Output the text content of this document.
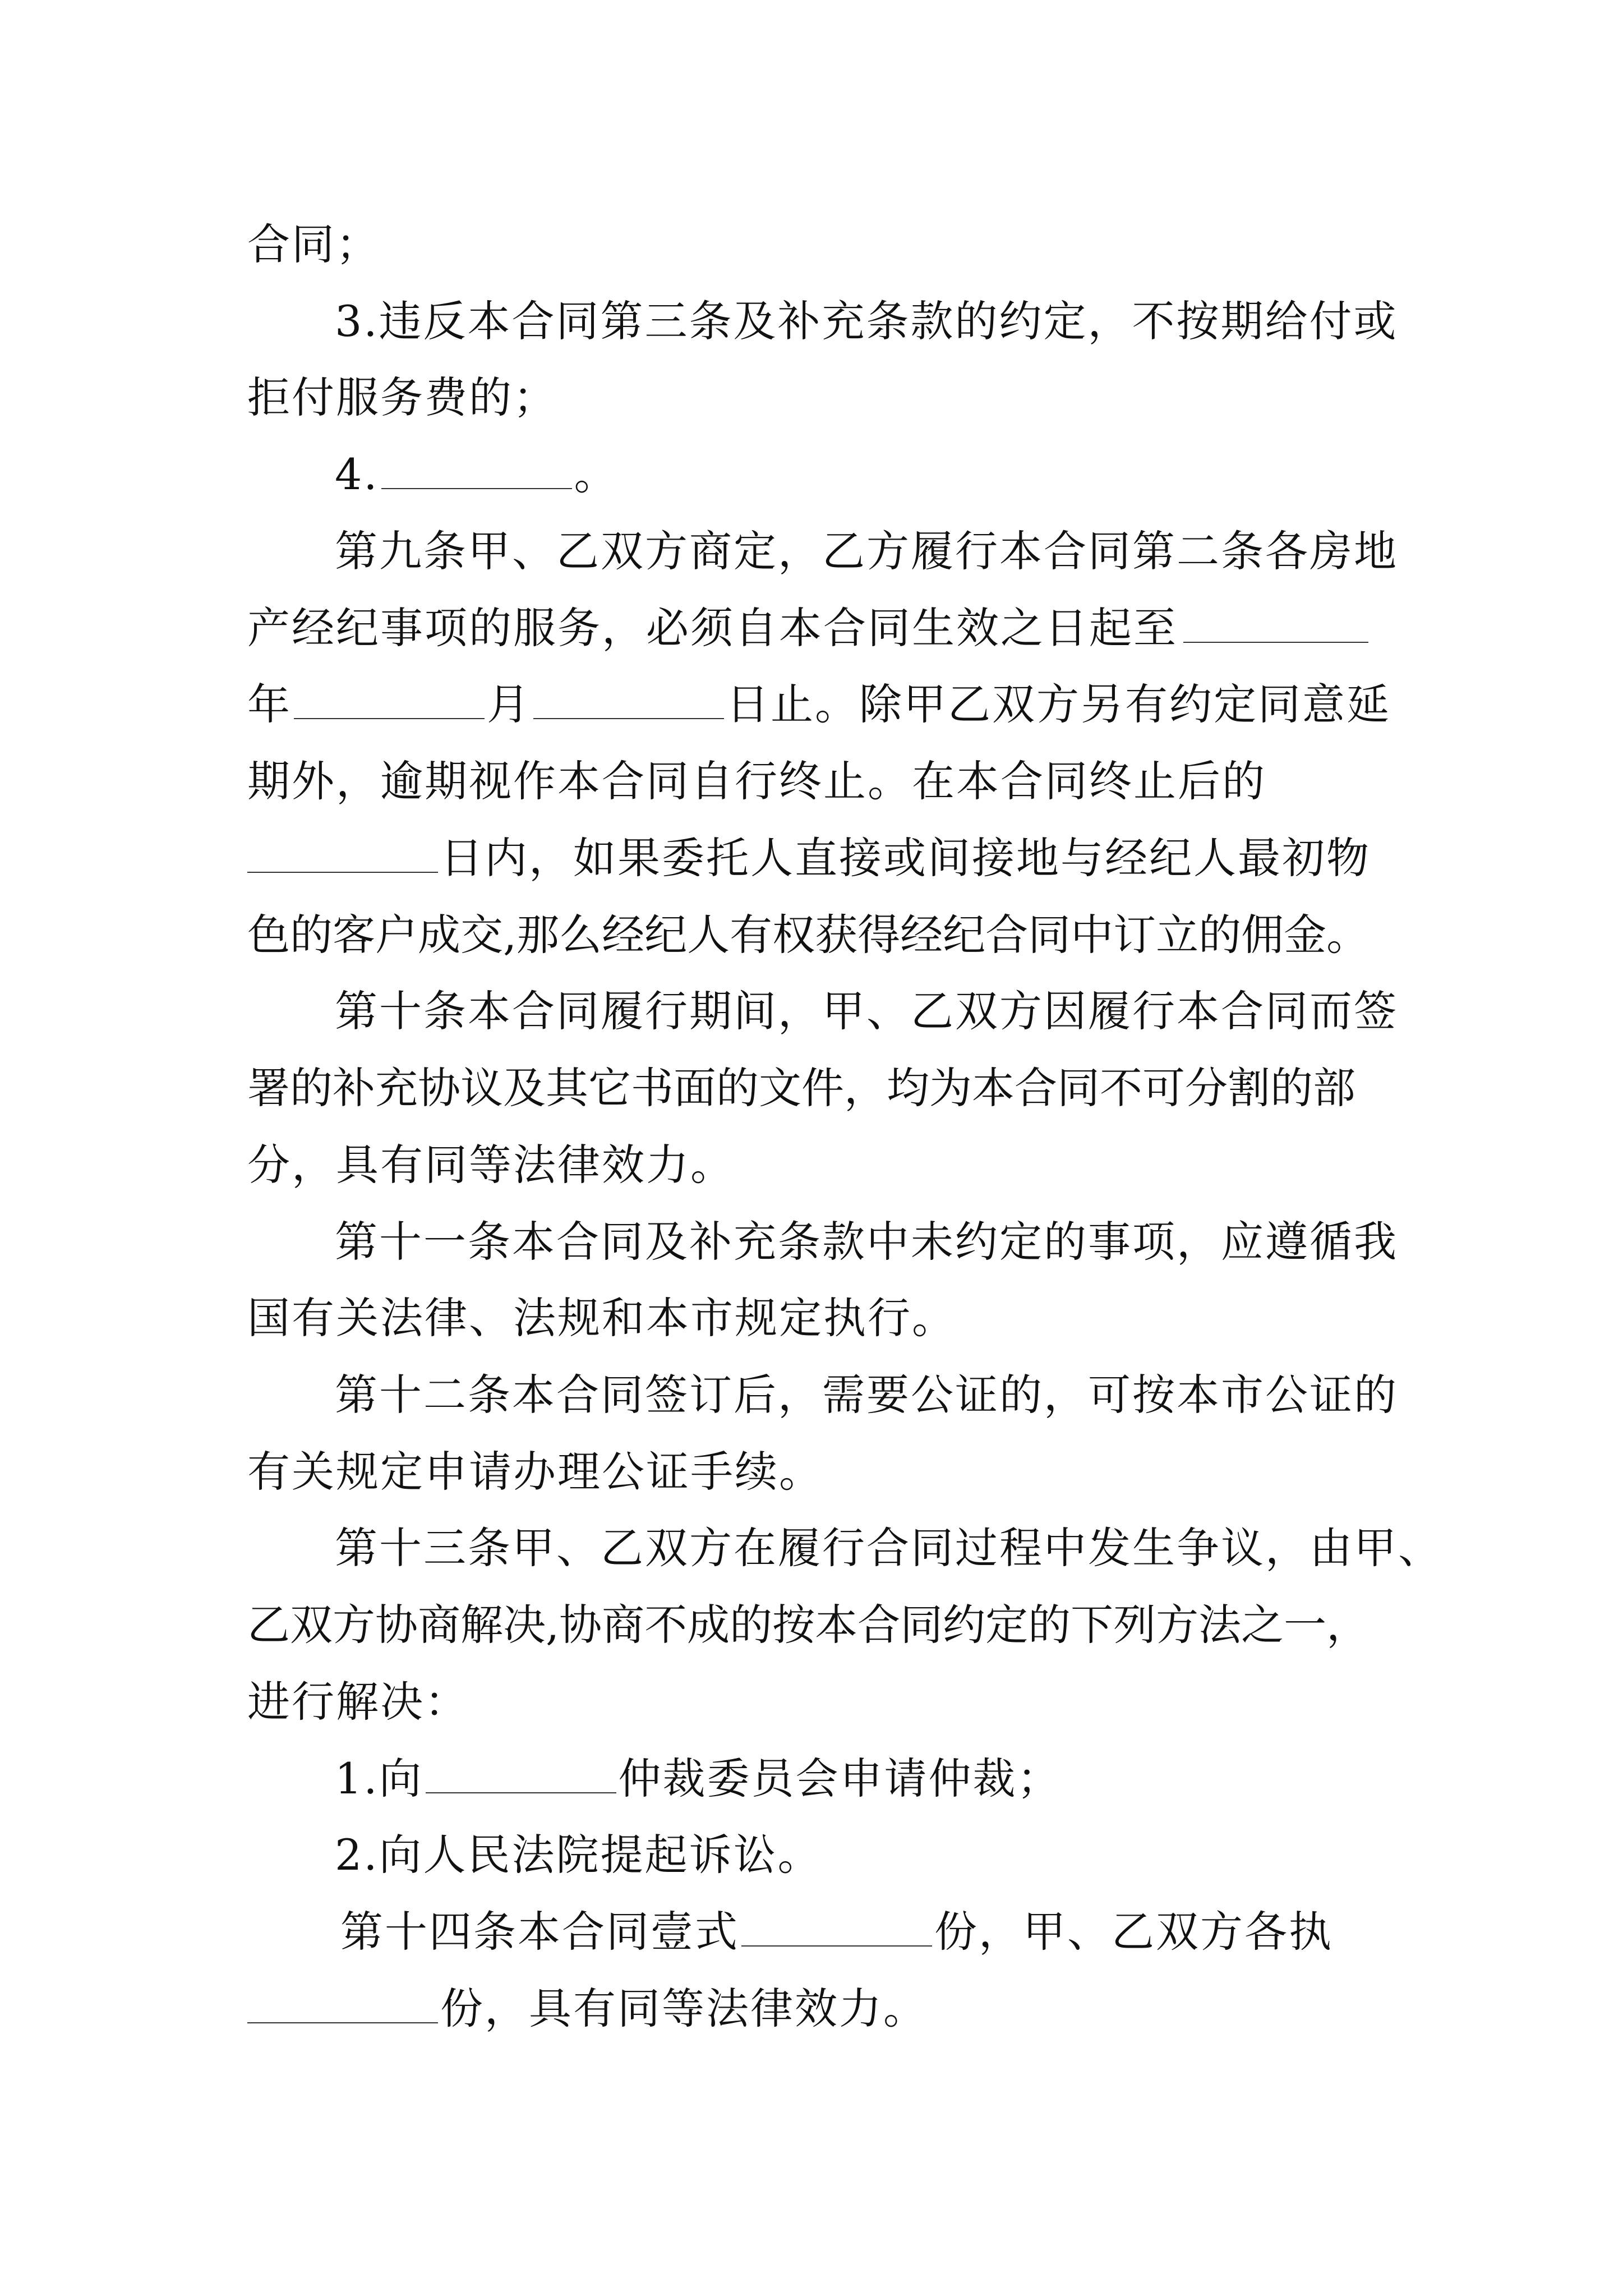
合同；
3.违反本合同第三条及补充条款的约定，不按期给付或
拒付服务费的；
4.	。
第九条甲、乙双方商定，乙方履行本合同第二条各房地
产经纪事项的服务，必须自本合同生效之日起至
年	月	日止。除甲乙双方另有约定同意延
期外，逾期视作本合同自行终止。在本合同终止后的
日内，如果委托人直接或间接地与经纪人最初物
色的客户成交,那么经纪人有权获得经纪合同中订立的佣金。
第十条本合同履行期间，甲、乙双方因履行本合同而签
署的补充协议及其它书面的文件，均为本合同不可分割的部
分，具有同等法律效力。
第十一条本合同及补充条款中未约定的事项，应遵循我
国有关法律、法规和本市规定执行。
第十二条本合同签订后，需要公证的，可按本市公证的
有关规定申请办理公证手续。
第十三条甲、乙双方在履行合同过程中发生争议，由甲、
乙双方协商解决,协商不成的按本合同约定的下列方法之一，
进行解决：
1.向	仲裁委员会申请仲裁；
2.向人民法院提起诉讼。
第十四条本合同壹式	份，甲、乙双方各执
份，具有同等法律效力。
